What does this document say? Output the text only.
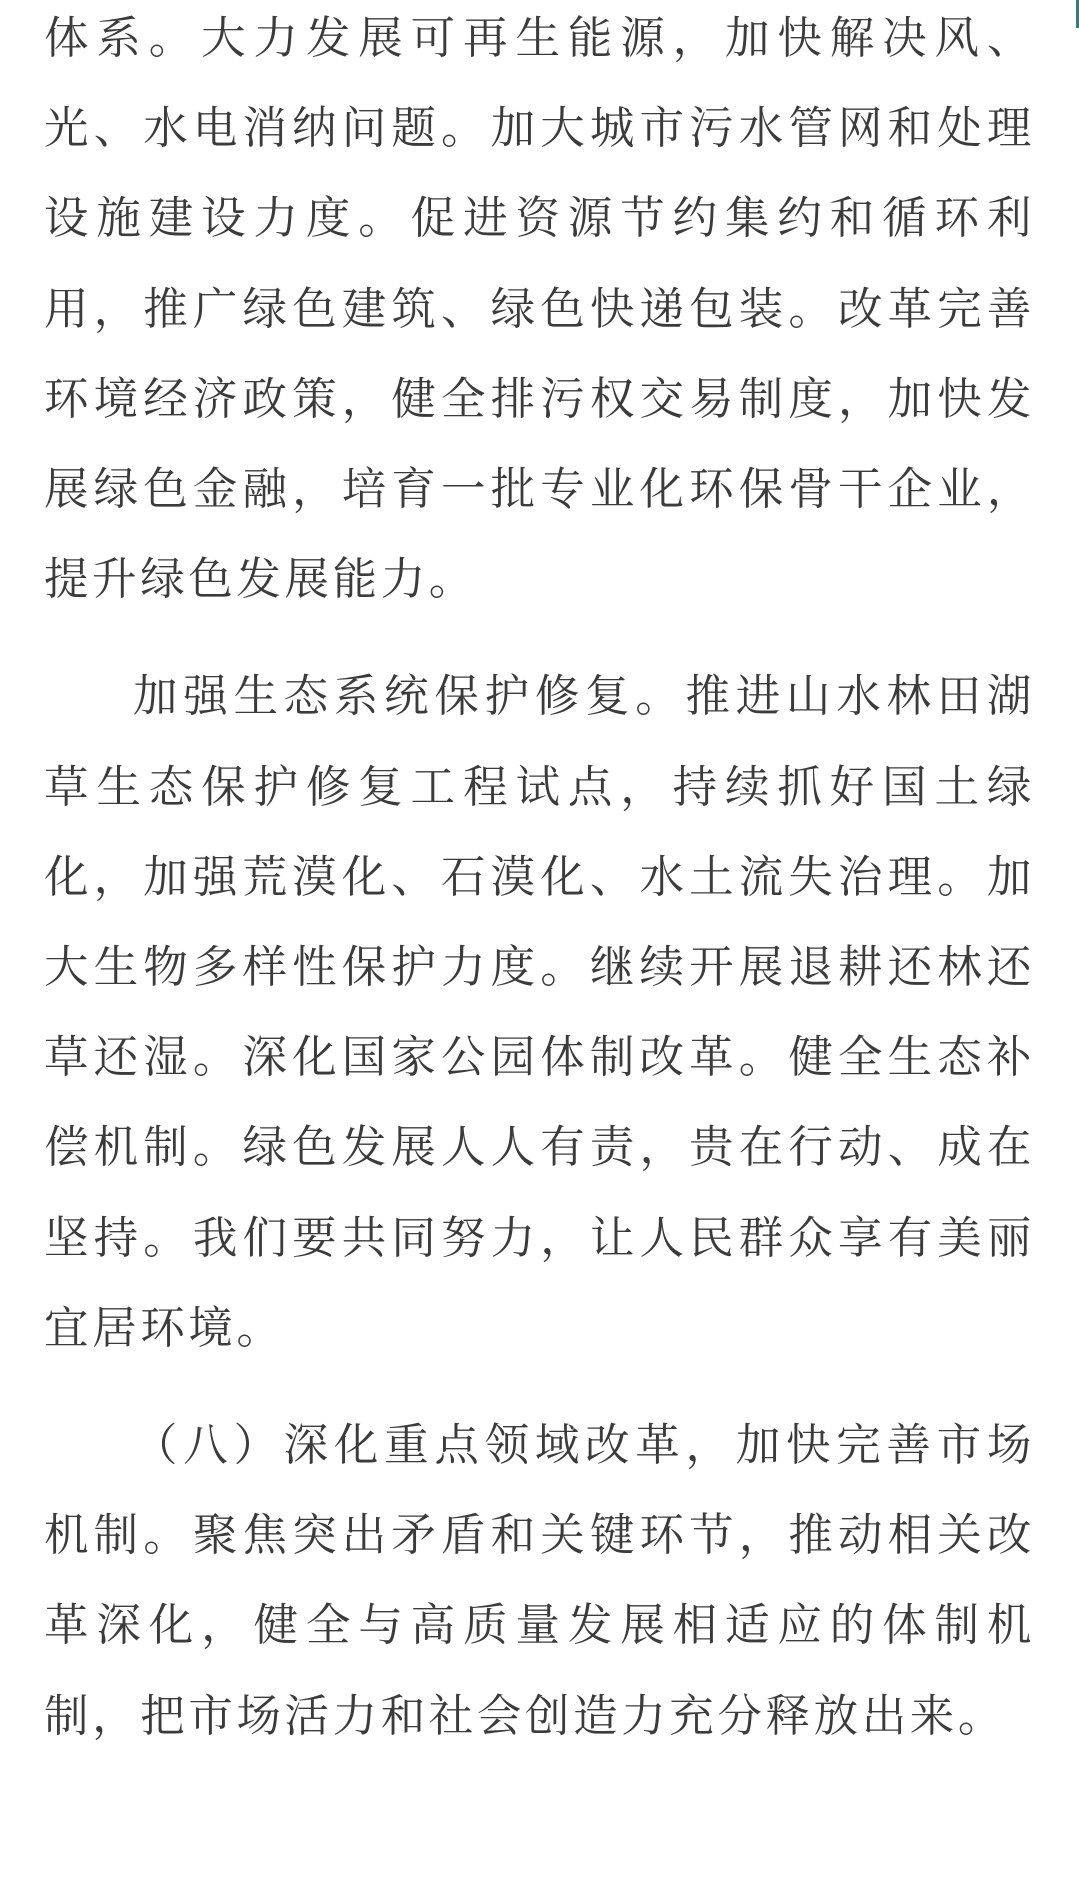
体系。大力发展可再生能源，加快解决风、光、水电消纳问题。加大城市污水管网和处理设施建设力度。促进资源节约集约和循环利用，推广绿色建筑、绿色快递包装。改革完善环境经济政策，健全排污权交易制度，加快发展绿色金融，培育一批专业化环保骨干企业，提升绿色发展能力。

加强生态系统保护修复。推进山水林田湖草生态保护修复工程试点，持续抓好国土绿化，加强荒漠化、石漠化、水土流失治理。加大生物多样性保护力度。继续开展退耕还林还草还湿。深化国家公园体制改革。健全生态补偿机制。绿色发展人人有责，贵在行动、成在坚持。我们要共同努力，让人民群众享有美丽宜居环境。

（八）深化重点领域改革，加快完善市场机制。聚焦突出矛盾和关键环节，推动相关改革深化，健全与高质量发展相适应的体制机制，把市场活力和社会创造力充分释放出来。
